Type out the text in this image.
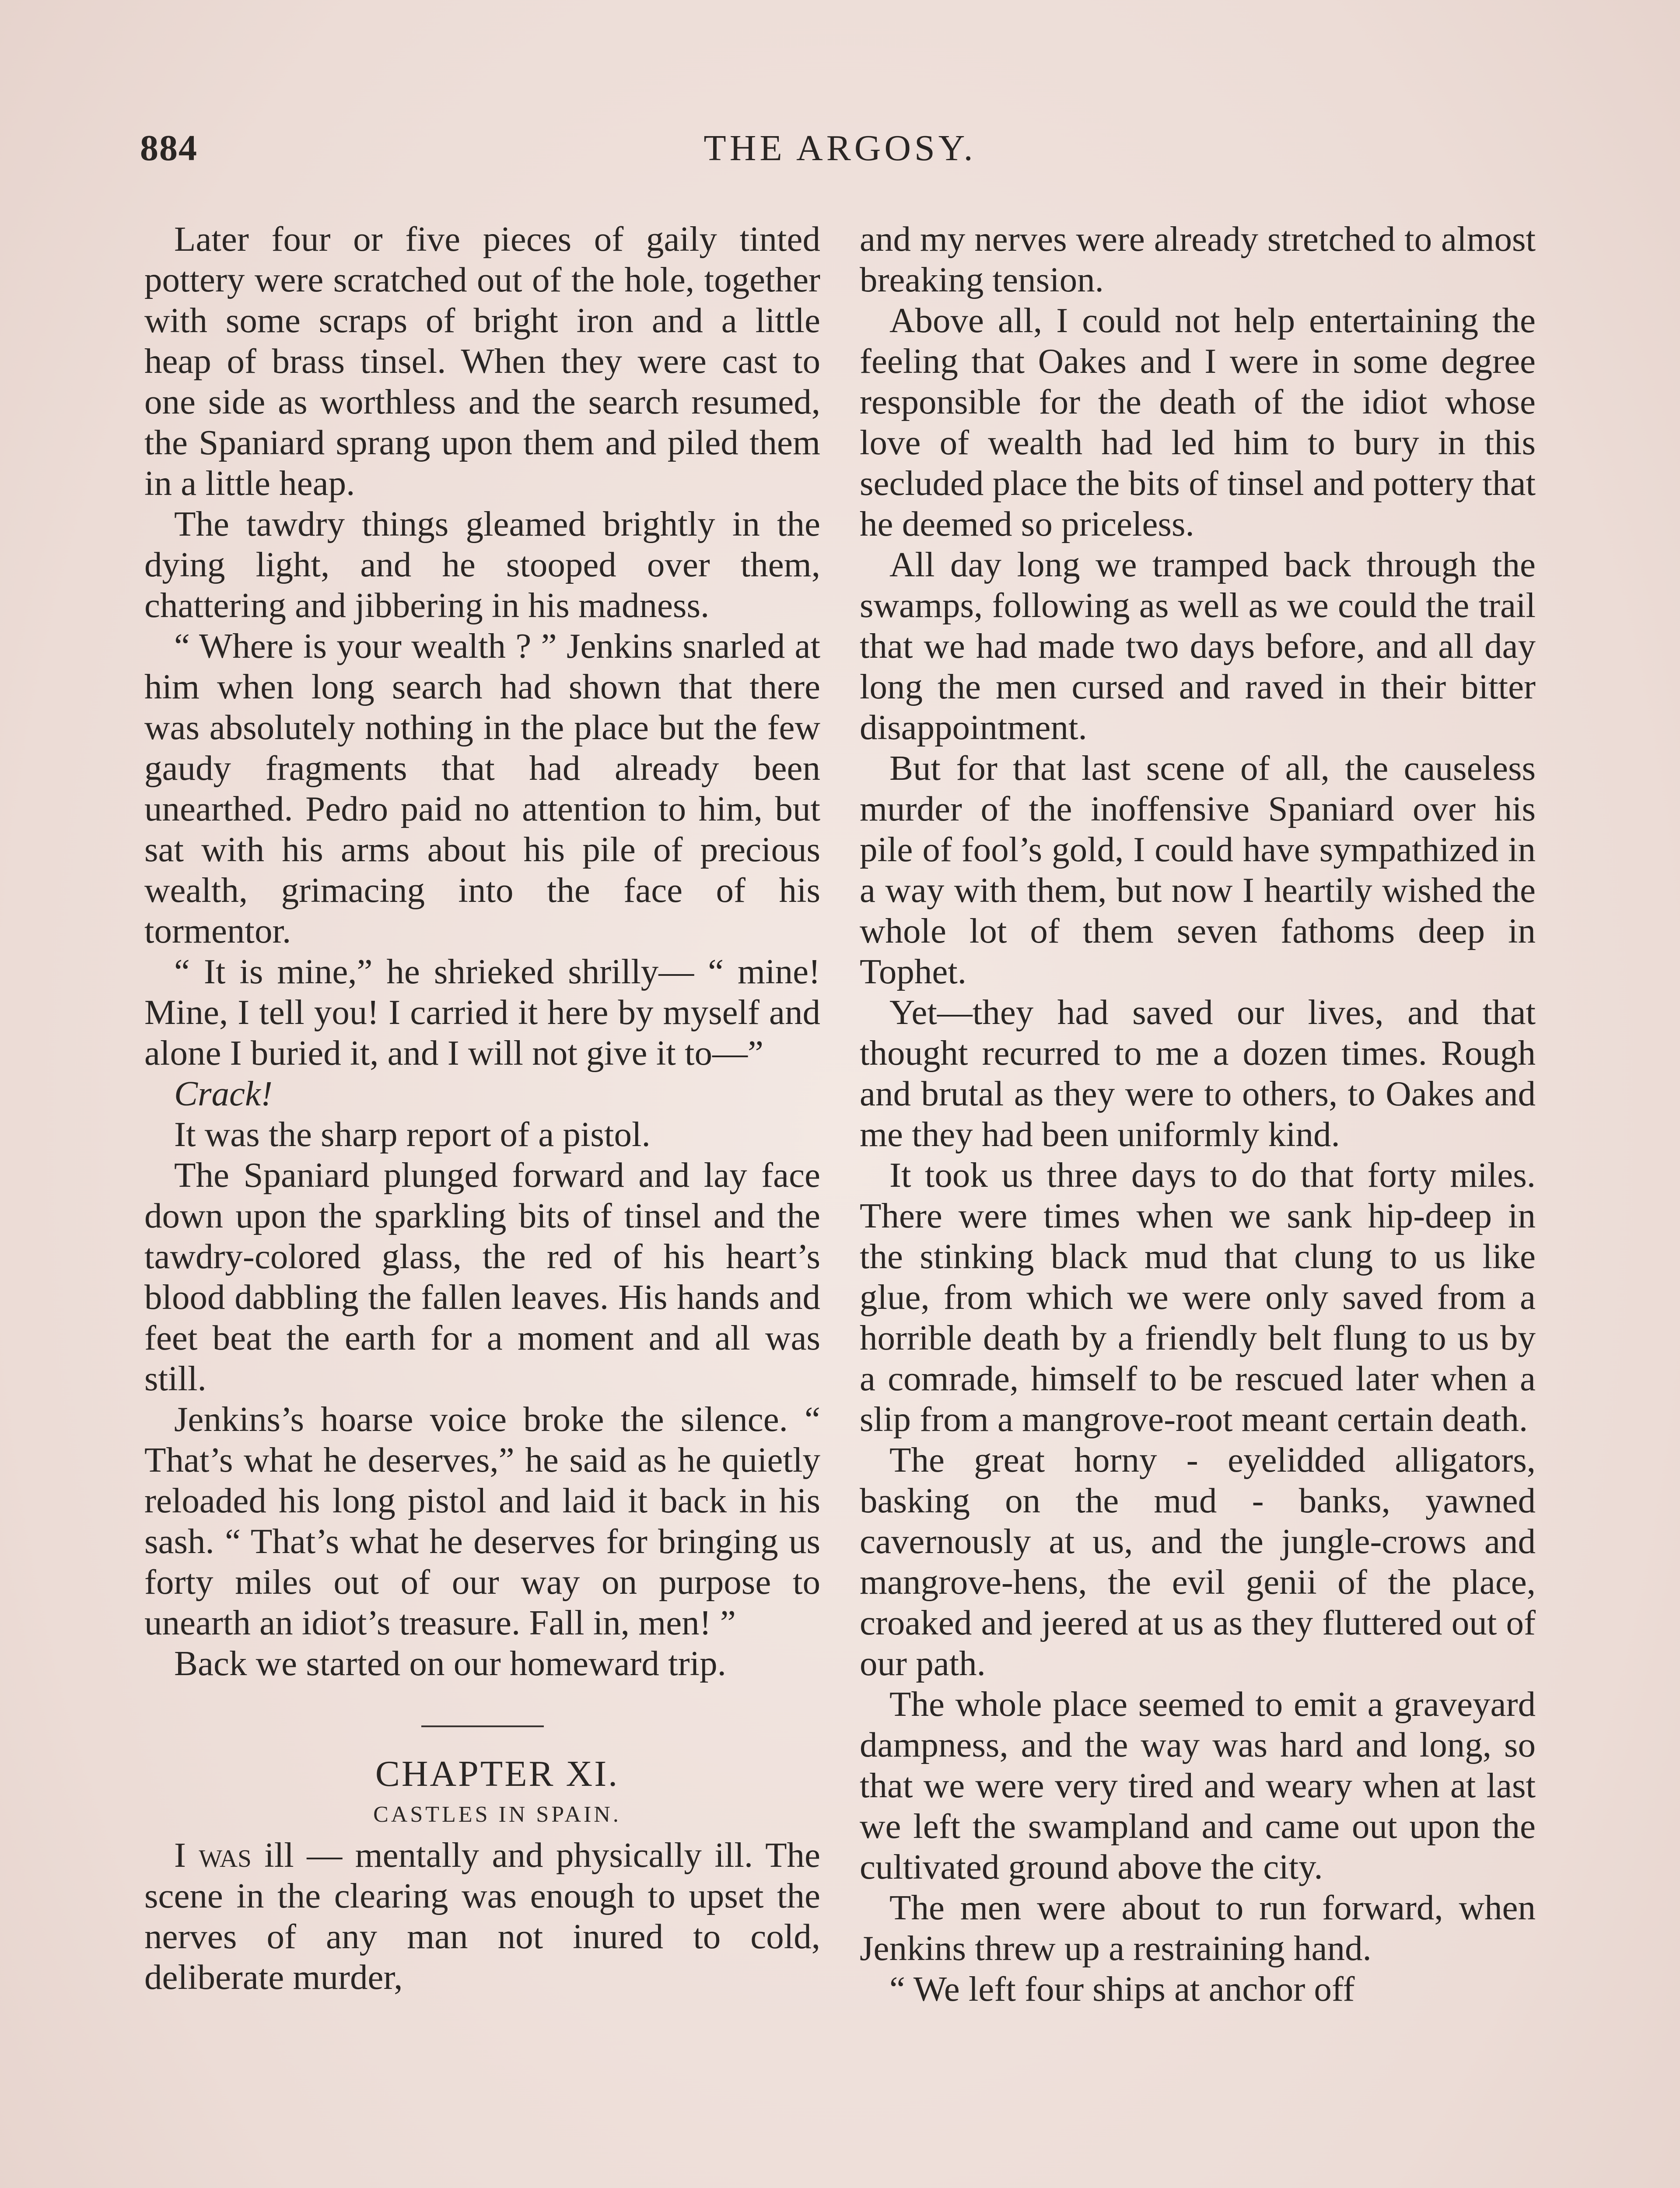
884	THE ARGOSY.

Later four or five pieces of gaily tinted pottery were scratched out of the hole, together with some scraps of bright iron and a little heap of brass tinsel. When they were cast to one side as worthless and the search resumed, the Spaniard sprang upon them and piled them in a little heap.

The tawdry things gleamed brightly in the dying light, and he stooped over them, chattering and jibbering in his madness.

“ Where is your wealth ? ” Jenkins snarled at him when long search had shown that there was absolutely nothing in the place but the few gaudy fragments that had already been unearthed. Pedro paid no attention to him, but sat with his arms about his pile of precious wealth, grimacing into the face of his tormentor.

“ It is mine,” he shrieked shrilly— “ mine! Mine, I tell you! I carried it here by myself and alone I buried it, and I will not give it to—”

Crack!

It was the sharp report of a pistol.

The Spaniard plunged forward and lay face down upon the sparkling bits of tinsel and the tawdry-colored glass, the red of his heart’s blood dabbling the fallen leaves. His hands and feet beat the earth for a moment and all was still.

Jenkins’s hoarse voice broke the silence. “ That’s what he deserves,” he said as he quietly reloaded his long pistol and laid it back in his sash. “ That’s what he deserves for bringing us forty miles out of our way on purpose to unearth an idiot’s treasure. Fall in, men! ”

Back we started on our homeward trip.

CHAPTER XI.

CASTLES IN SPAIN.

I was ill — mentally and physically ill. The scene in the clearing was enough to upset the nerves of any man not inured to cold, deliberate murder,

and my nerves were already stretched to almost breaking tension.

Above all, I could not help entertaining the feeling that Oakes and I were in some degree responsible for the death of the idiot whose love of wealth had led him to bury in this secluded place the bits of tinsel and pottery that he deemed so priceless.

All day long we tramped back through the swamps, following as well as we could the trail that we had made two days before, and all day long the men cursed and raved in their bitter disappointment.

But for that last scene of all, the causeless murder of the inoffensive Spaniard over his pile of fool’s gold, I could have sympathized in a way with them, but now I heartily wished the whole lot of them seven fathoms deep in Tophet.

Yet—they had saved our lives, and that thought recurred to me a dozen times. Rough and brutal as they were to others, to Oakes and me they had been uniformly kind.

It took us three days to do that forty miles. There were times when we sank hip-deep in the stinking black mud that clung to us like glue, from which we were only saved from a horrible death by a friendly belt flung to us by a comrade, himself to be rescued later when a slip from a mangrove-root meant certain death.

The great horny - eyelidded alligators, basking on the mud - banks, yawned cavernously at us, and the jungle-crows and mangrove-hens, the evil genii of the place, croaked and jeered at us as they fluttered out of our path.

The whole place seemed to emit a graveyard dampness, and the way was hard and long, so that we were very tired and weary when at last we left the swampland and came out upon the cultivated ground above the city.

The men were about to run forward, when Jenkins threw up a restraining hand.

“ We left four ships at anchor off
